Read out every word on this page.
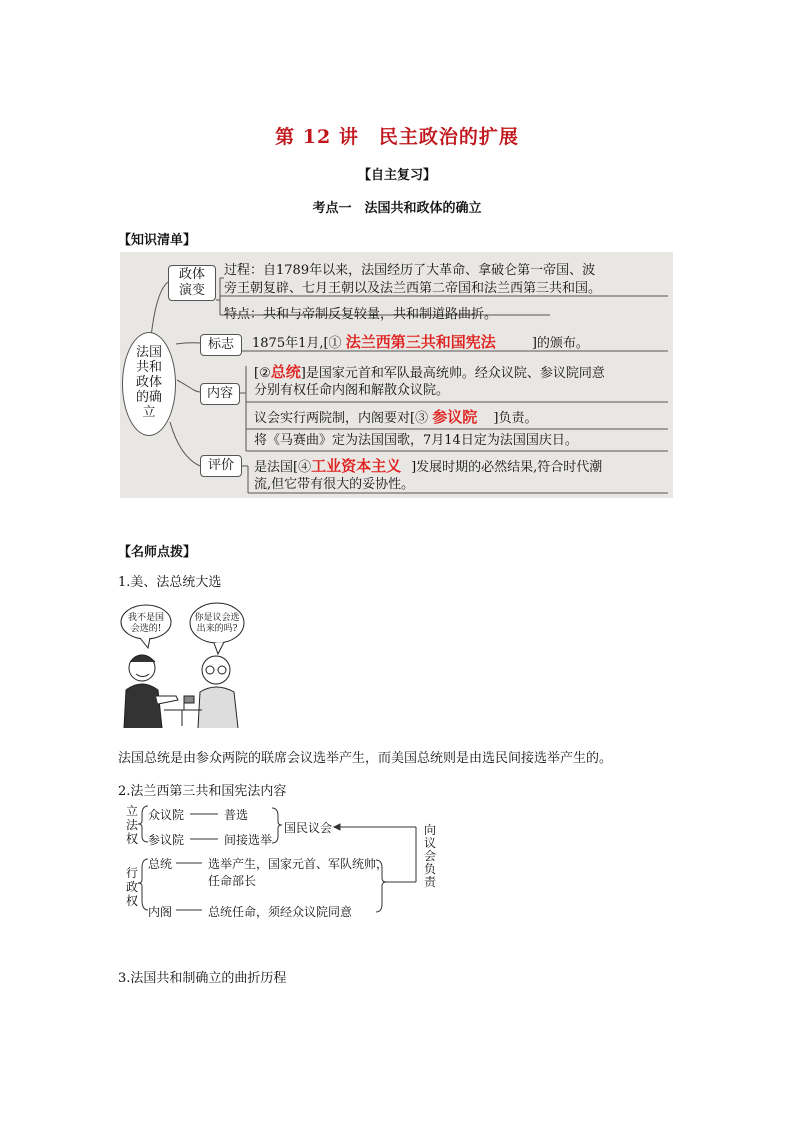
第 12 讲　民主政治的扩展
【自主复习】
考点一　法国共和政体的确立
【知识清单】
法国共和政体的确立
政体演变
过程：自1789年以来，法国经历了大革命、拿破仑第一帝国、波
旁王朝复辟、七月王朝以及法兰西第二帝国和法兰西第三共和国。
特点：共和与帝制反复较量，共和制道路曲折。
标志	1875年1月,[① 法兰西第三共和国宪法	]的颁布。
内容
[②总统]是国家元首和军队最高统帅。经众议院、参议院同意
分别有权任命内阁和解散众议院。
议会实行两院制，内阁要对[③ 参议院 ]负责。
将《马赛曲》定为法国国歌，7月14日定为法国国庆日。
评价	是法国[④工业资本主义 ]发展时期的必然结果,符合时代潮
流,但它带有很大的妥协性。
【名师点拨】
1.美、法总统大选
我不是国
会选的!
你是议会选
出来的吗?
法国总统是由参众两院的联席会议选举产生，而美国总统则是由选民间接选举产生的。
2.法兰西第三共和国宪法内容
立法权
众议院	普选
参议院	间接选举
国民议会
行政权
总统	选举产生，国家元首、军队统帅，
任命部长
内阁	总统任命，须经众议院同意
向议会负责
3.法国共和制确立的曲折历程
